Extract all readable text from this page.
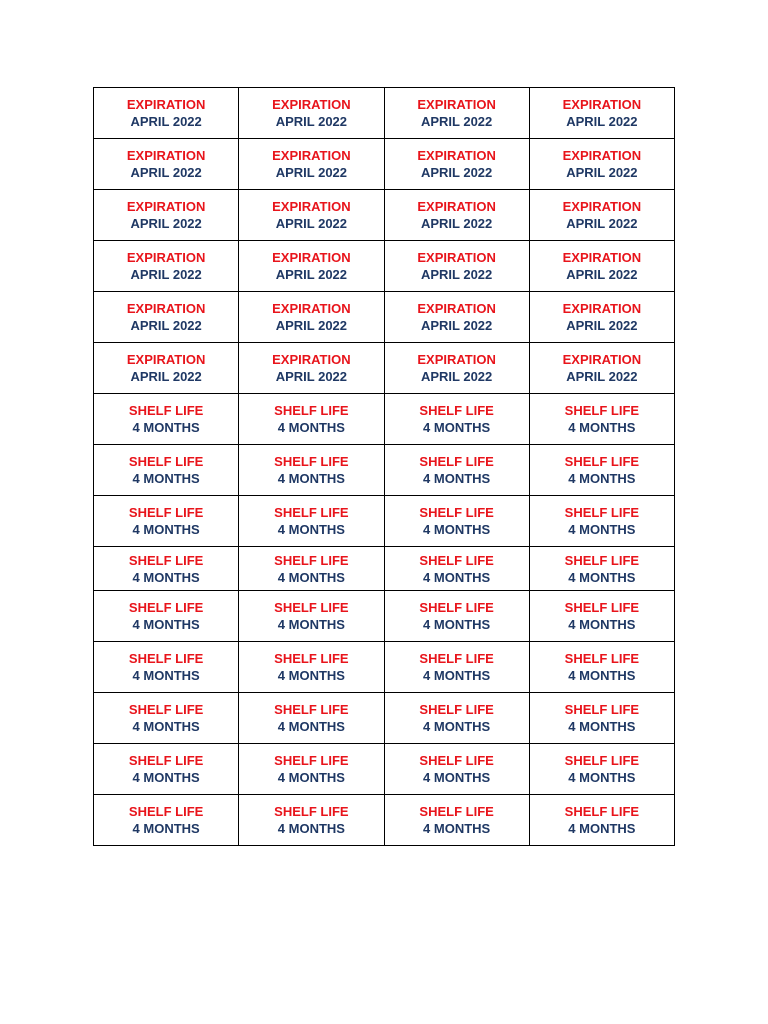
EXPIRATION
APRIL 2022	EXPIRATION
APRIL 2022	EXPIRATION
APRIL 2022	EXPIRATION
APRIL 2022

EXPIRATION
APRIL 2022	EXPIRATION
APRIL 2022	EXPIRATION
APRIL 2022	EXPIRATION
APRIL 2022

EXPIRATION
APRIL 2022	EXPIRATION
APRIL 2022	EXPIRATION
APRIL 2022	EXPIRATION
APRIL 2022

EXPIRATION
APRIL 2022	EXPIRATION
APRIL 2022	EXPIRATION
APRIL 2022	EXPIRATION
APRIL 2022

EXPIRATION
APRIL 2022	EXPIRATION
APRIL 2022	EXPIRATION
APRIL 2022	EXPIRATION
APRIL 2022

EXPIRATION
APRIL 2022	EXPIRATION
APRIL 2022	EXPIRATION
APRIL 2022	EXPIRATION
APRIL 2022

SHELF LIFE
4 MONTHS	SHELF LIFE
4 MONTHS	SHELF LIFE
4 MONTHS	SHELF LIFE
4 MONTHS

SHELF LIFE
4 MONTHS	SHELF LIFE
4 MONTHS	SHELF LIFE
4 MONTHS	SHELF LIFE
4 MONTHS

SHELF LIFE
4 MONTHS	SHELF LIFE
4 MONTHS	SHELF LIFE
4 MONTHS	SHELF LIFE
4 MONTHS

SHELF LIFE
4 MONTHS	SHELF LIFE
4 MONTHS	SHELF LIFE
4 MONTHS	SHELF LIFE
4 MONTHS

SHELF LIFE
4 MONTHS	SHELF LIFE
4 MONTHS	SHELF LIFE
4 MONTHS	SHELF LIFE
4 MONTHS

SHELF LIFE
4 MONTHS	SHELF LIFE
4 MONTHS	SHELF LIFE
4 MONTHS	SHELF LIFE
4 MONTHS

SHELF LIFE
4 MONTHS	SHELF LIFE
4 MONTHS	SHELF LIFE
4 MONTHS	SHELF LIFE
4 MONTHS

SHELF LIFE
4 MONTHS	SHELF LIFE
4 MONTHS	SHELF LIFE
4 MONTHS	SHELF LIFE
4 MONTHS

SHELF LIFE
4 MONTHS	SHELF LIFE
4 MONTHS	SHELF LIFE
4 MONTHS	SHELF LIFE
4 MONTHS
